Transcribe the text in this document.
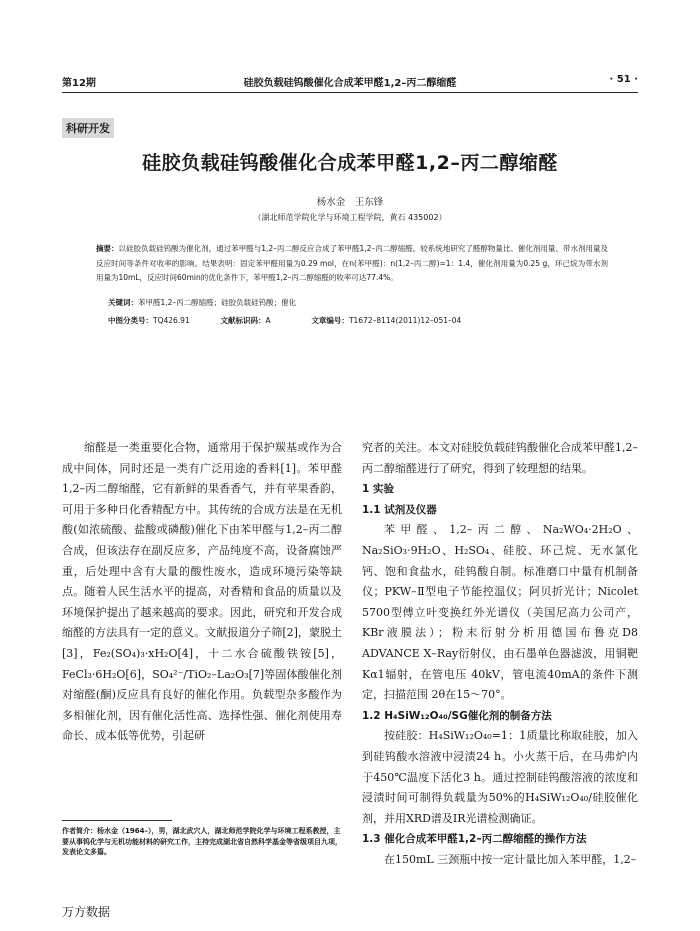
第12期	硅胶负载硅钨酸催化合成苯甲醛1,2–丙二醇缩醛	· 51 ·
科研开发
硅胶负载硅钨酸催化合成苯甲醛1,2–丙二醇缩醛
杨水金　王东锋
（湖北师范学院化学与环境工程学院，黄石 435002）
摘要：以硅胶负载硅钨酸为催化剂，通过苯甲醛与1,2–丙二醇反应合成了苯甲醛1,2–丙二醇缩醛。较系统地研究了醛醇物量比、催化剂用量、带水剂用量及反应时间等条件对收率的影响。结果表明：固定苯甲醛用量为0.29 mol，在n(苯甲醛)：n(1,2–丙二醇)=1：1.4，催化剂用量为0.25 g，环己烷为带水剂用量为10mL，反应时间60min的优化条件下，苯甲醛1,2–丙二醇缩醛的收率可达77.4%。
关键词：苯甲醛1,2–丙二醇缩醛；硅胶负载硅钨酸；催化
中图分类号：TQ426.91	文献标识码：A	文章编号：T1672–8114(2011)12–051–04

缩醛是一类重要化合物，通常用于保护羰基或作为合成中间体，同时还是一类有广泛用途的香料[1]。苯甲醛1,2–丙二醇缩醛，它有新鲜的果香香气，并有苹果香韵，可用于多种日化香精配方中。其传统的合成方法是在无机酸(如浓硫酸、盐酸或磷酸)催化下由苯甲醛与1,2–丙二醇合成，但该法存在副反应多，产品纯度不高，设备腐蚀严重，后处理中含有大量的酸性废水，造成环境污染等缺点。随着人民生活水平的提高，对香精和食品的质量以及环境保护提出了越来越高的要求。因此，研究和开发合成缩醛的方法具有一定的意义。文献报道分子筛[2]，蒙脱土[3]，Fe₂(SO₄)₃·xH₂O[4]，十二水合硫酸铁铵[5]，FeCl₃·6H₂O[6]，SO₄²⁻/TiO₂–La₂O₃[7]等固体酸催化剂对缩醛(酮)反应具有良好的催化作用。负载型杂多酸作为多相催化剂，因有催化活性高、选择性强、催化剂使用寿命长、成本低等优势，引起研

究者的关注。本文对硅胶负载硅钨酸催化合成苯甲醛1,2–丙二醇缩醛进行了研究，得到了较理想的结果。

1 实验

1.1 试剂及仪器

苯甲醛、1,2–丙二醇、Na₂WO₄·2H₂O、Na₂SiO₃·9H₂O、H₂SO₄、硅胶、环己烷、无水氯化钙、饱和食盐水，硅钨酸自制。标准磨口中量有机制备仪；PKW–Ⅱ型电子节能控温仪；阿贝折光计；Nicolet 5700型傅立叶变换红外光谱仪（美国尼高力公司产，KBr液膜法）；粉末衍射分析用德国布鲁克D8 ADVANCE X–Ray衍射仪，由石墨单色器滤波，用铜靶Kα1辐射，在管电压 40kV，管电流40mA的条件下测定，扫描范围 2θ在15～70°。

1.2 H₄SiW₁₂O₄₀/SG催化剂的制备方法

按硅胶：H₄SiW₁₂O₄₀=1：1质量比称取硅胶，加入到硅钨酸水溶液中浸渍24 h。小火蒸干后，在马弗炉内于450℃温度下活化3 h。通过控制硅钨酸溶液的浓度和浸渍时间可制得负载量为50%的H₄SiW₁₂O₄₀/硅胶催化剂，并用XRD谱及IR光谱检测确证。

1.3 催化合成苯甲醛1,2–丙二醇缩醛的操作方法

在150mL 三颈瓶中按一定计量比加入苯甲醛，1,2–

作者简介：杨水金（1964–），男，湖北武穴人，湖北师范学院化学与环境工程系教授，主要从事钨化学与无机功能材料的研究工作，主持完成湖北省自然科学基金等省级项目九项，发表论文多篇。
万方数据
